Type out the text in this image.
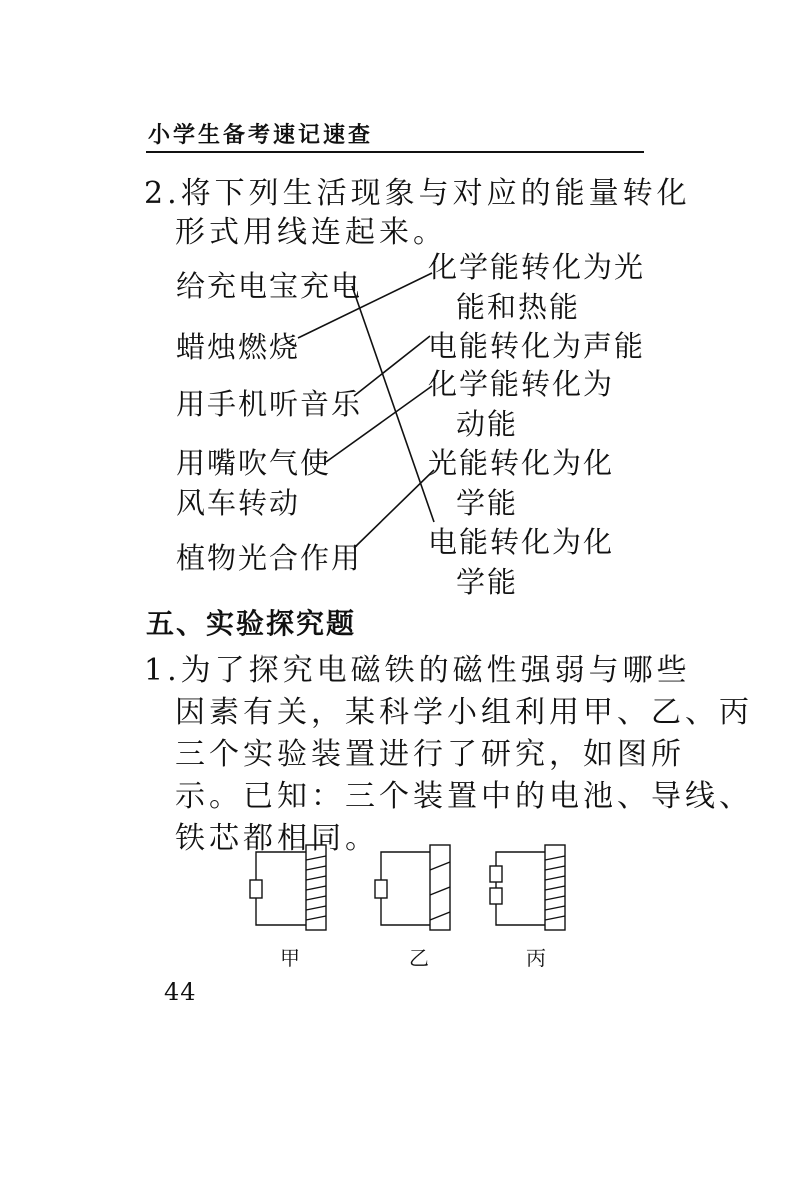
小学生备考速记速查
2.将下列生活现象与对应的能量转化
形式用线连起来。
给充电宝充电
蜡烛燃烧
用手机听音乐
用嘴吹气使
风车转动
植物光合作用
化学能转化为光
能和热能
电能转化为声能
化学能转化为
动能
光能转化为化
学能
电能转化为化
学能
五、实验探究题
1.为了探究电磁铁的磁性强弱与哪些
因素有关，某科学小组利用甲、乙、丙
三个实验装置进行了研究，如图所
示。已知：三个装置中的电池、导线、
铁芯都相同。
甲	乙	丙
44
